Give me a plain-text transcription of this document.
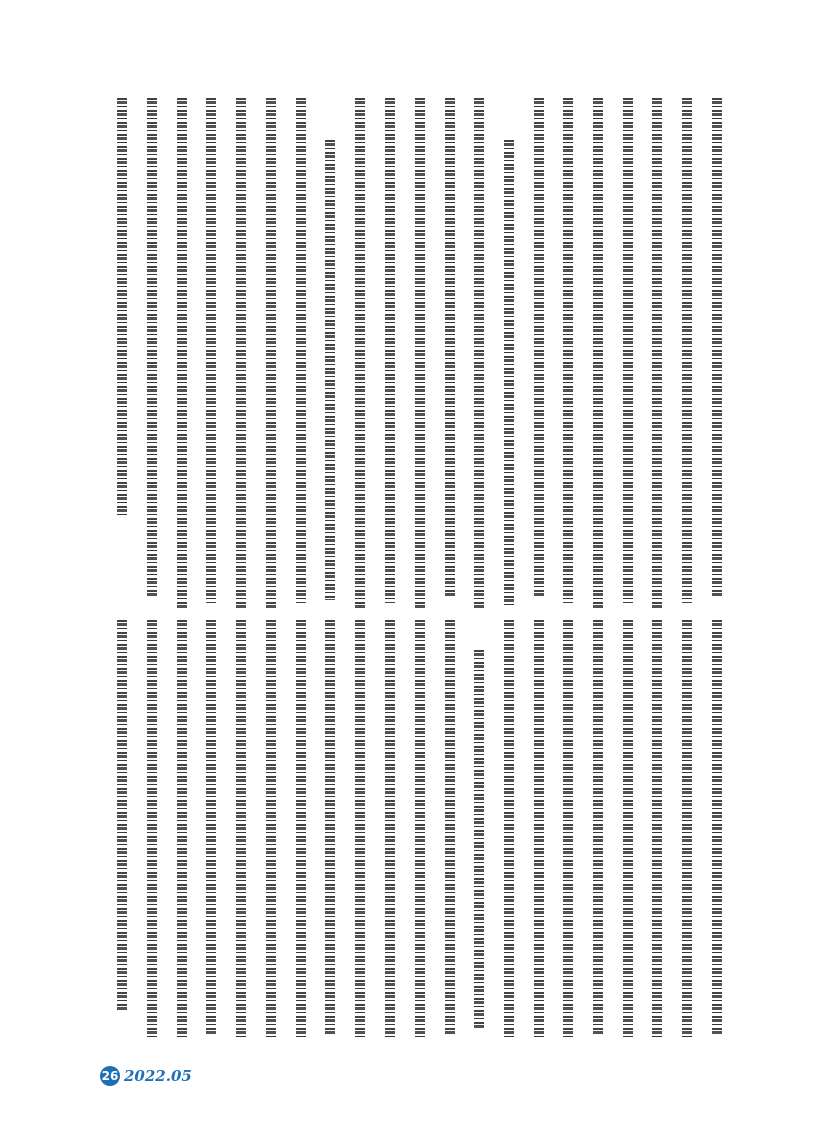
26 2022.05
